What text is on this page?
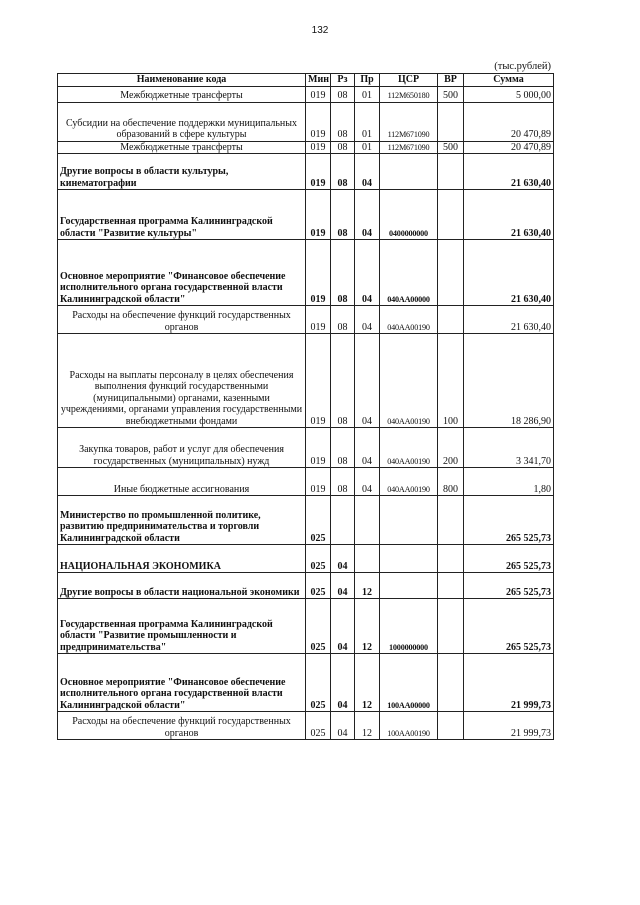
132
(тыс.рублей)
Наименование кода	Мин	Рз	Пр	ЦСР	ВР	Сумма
Межбюджетные трансферты	019	08	01	112M650180	500	5 000,00
Субсидии на обеспечение поддержки муниципальных образований в сфере культуры	019	08	01	112M671090		20 470,89
Межбюджетные трансферты	019	08	01	112M671090	500	20 470,89
Другие вопросы в области культуры, кинематографии	019	08	04			21 630,40
Государственная программа Калининградской области "Развитие культуры"	019	08	04	0400000000		21 630,40
Основное мероприятие "Финансовое обеспечение исполнительного органа государственной власти Калининградской области"	019	08	04	040AA00000		21 630,40
Расходы на обеспечение функций государственных органов	019	08	04	040AA00190		21 630,40
Расходы на выплаты персоналу в целях обеспечения выполнения функций государственными (муниципальными) органами, казенными учреждениями, органами управления государственными внебюджетными фондами	019	08	04	040AA00190	100	18 286,90
Закупка товаров, работ и услуг для обеспечения государственных (муниципальных) нужд	019	08	04	040AA00190	200	3 341,70
Иные бюджетные ассигнования	019	08	04	040AA00190	800	1,80
Министерство по промышленной политике, развитию предпринимательства и торговли Калининградской области	025					265 525,73
НАЦИОНАЛЬНАЯ ЭКОНОМИКА	025	04				265 525,73
Другие вопросы в области национальной экономики	025	04	12			265 525,73
Государственная программа Калининградской области "Развитие промышленности и предпринимательства"	025	04	12	1000000000		265 525,73
Основное мероприятие "Финансовое обеспечение исполнительного органа государственной власти Калининградской области"	025	04	12	100AA00000		21 999,73
Расходы на обеспечение функций государственных органов	025	04	12	100AA00190		21 999,73
